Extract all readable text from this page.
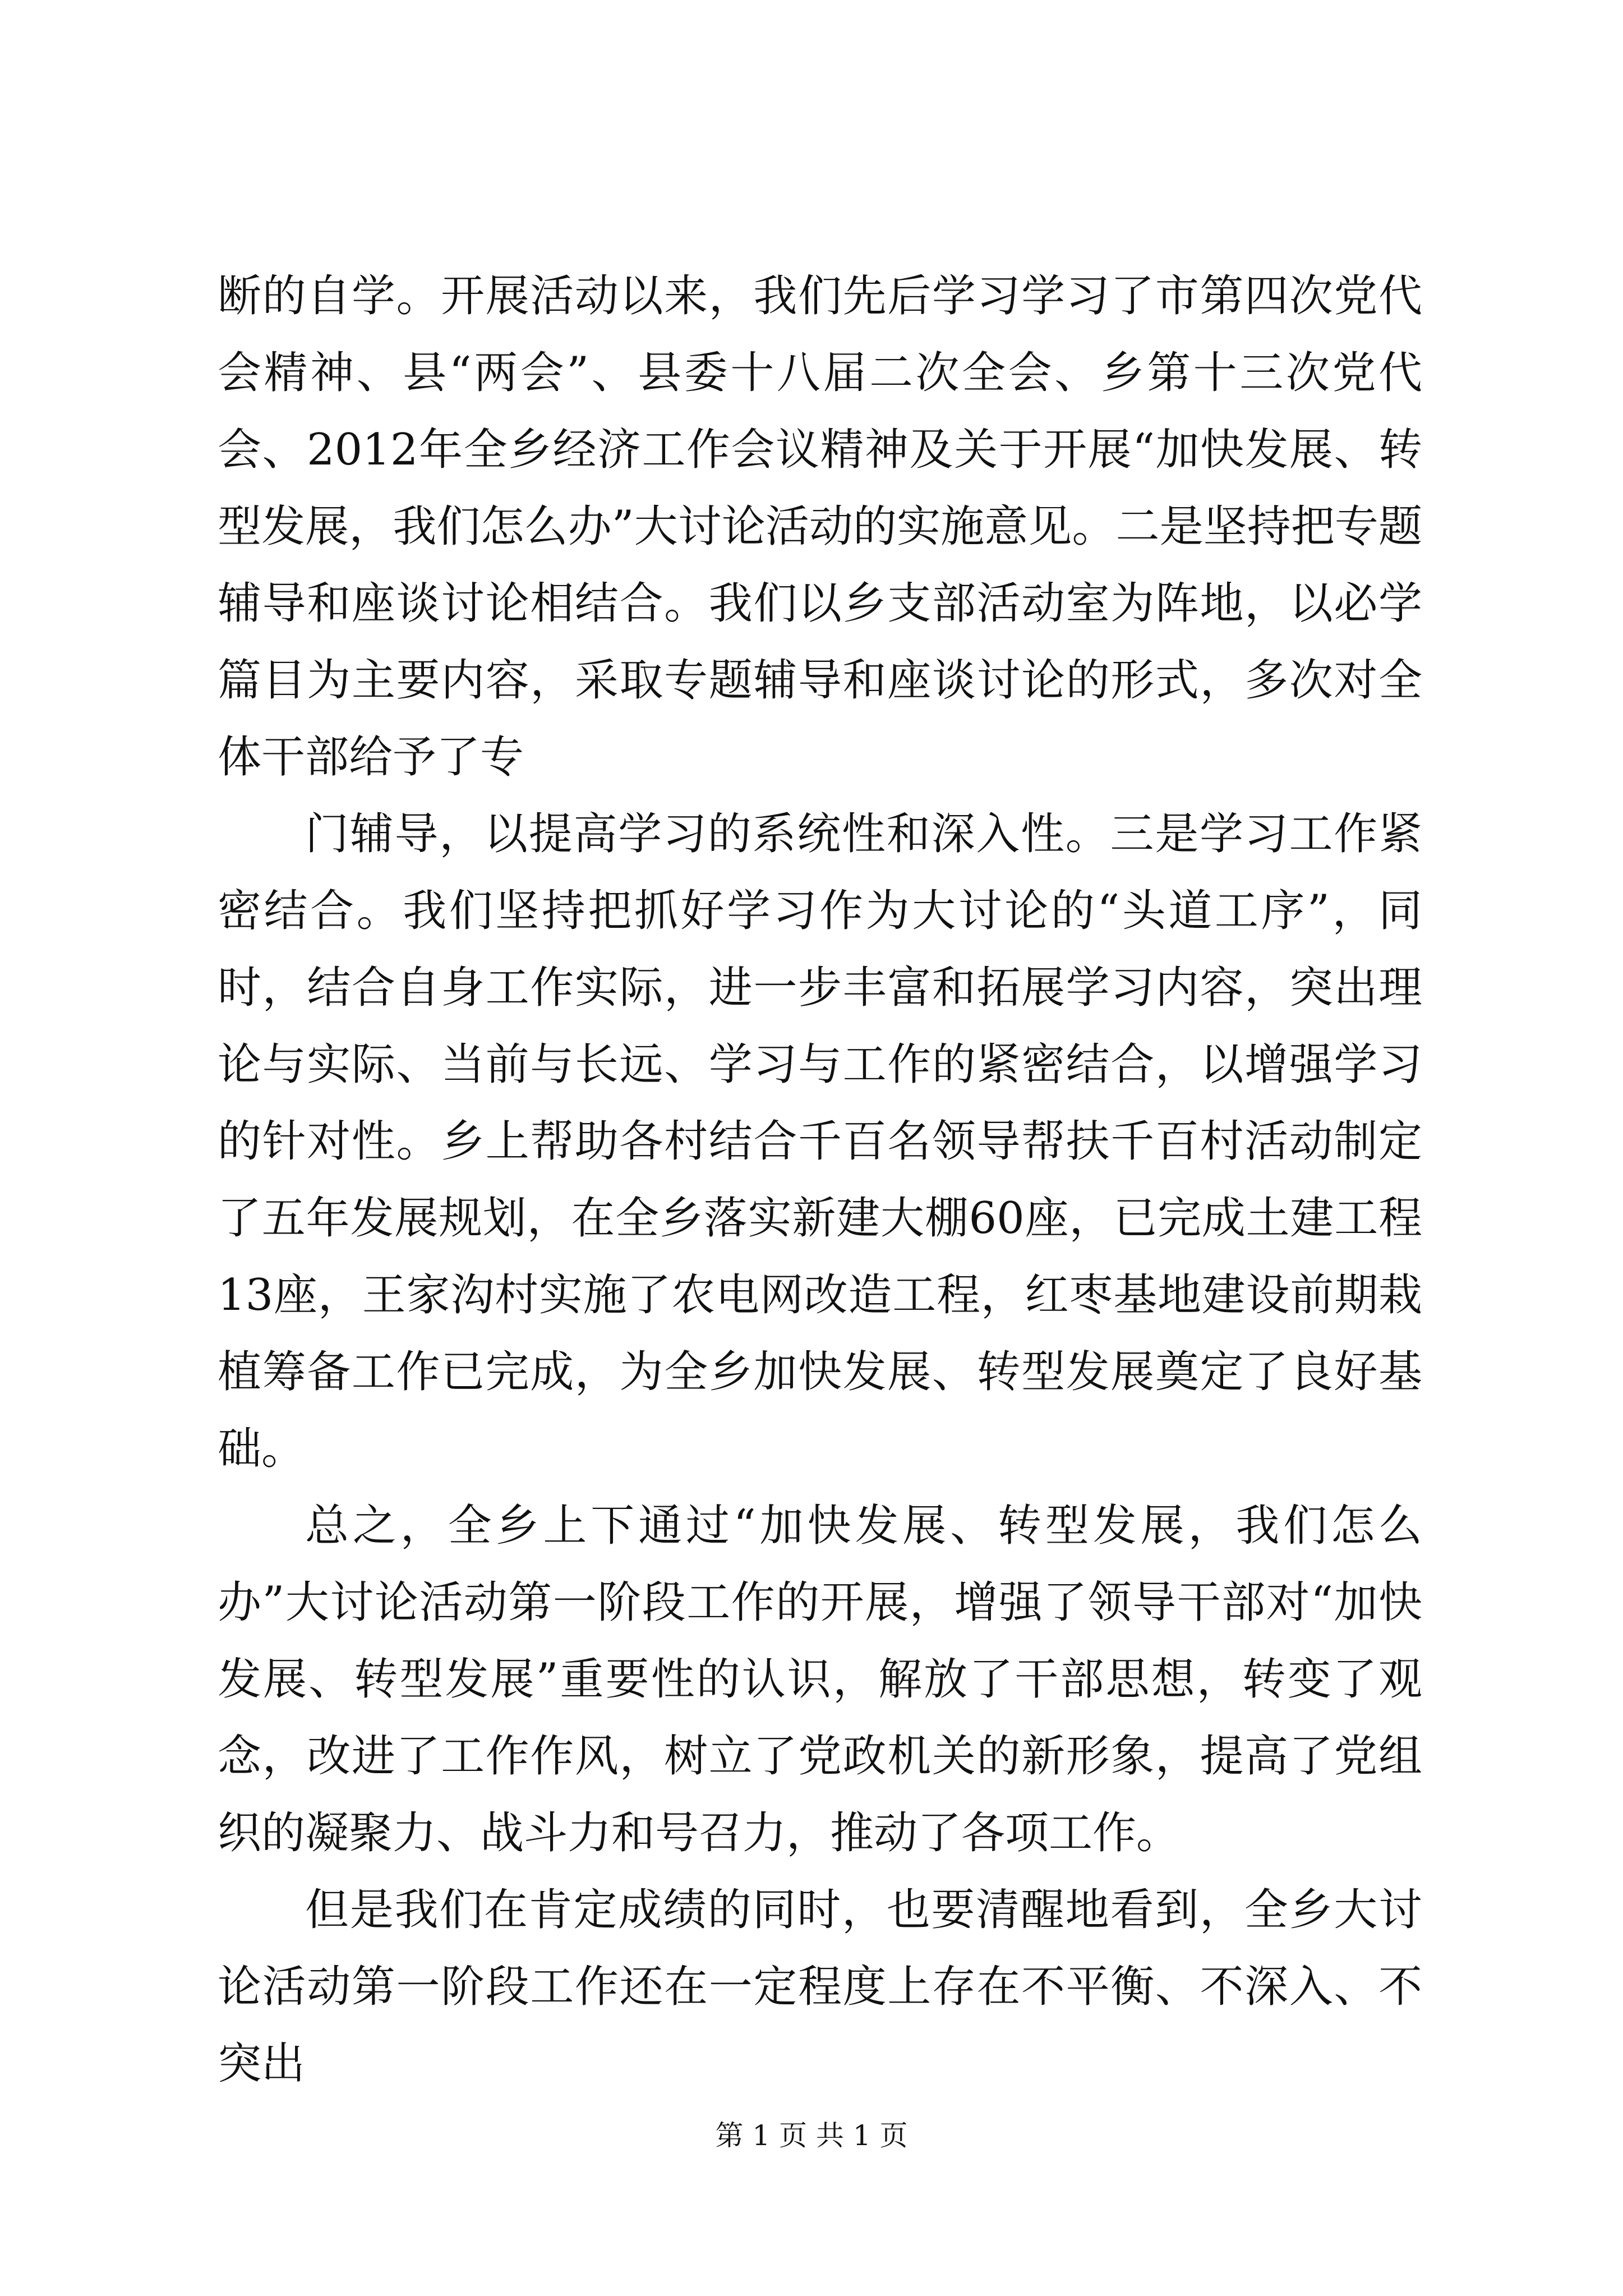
断的自学。开展活动以来，我们先后学习学习了市第四次党代会精神、县“两会”、县委十八届二次全会、乡第十三次党代会、2012年全乡经济工作会议精神及关于开展“加快发展、转型发展，我们怎么办”大讨论活动的实施意见。二是坚持把专题辅导和座谈讨论相结合。我们以乡支部活动室为阵地，以必学篇目为主要内容，采取专题辅导和座谈讨论的形式，多次对全体干部给予了专

门辅导，以提高学习的系统性和深入性。三是学习工作紧密结合。我们坚持把抓好学习作为大讨论的“头道工序”，同时，结合自身工作实际，进一步丰富和拓展学习内容，突出理论与实际、当前与长远、学习与工作的紧密结合，以增强学习的针对性。乡上帮助各村结合千百名领导帮扶千百村活动制定了五年发展规划，在全乡落实新建大棚60座，已完成土建工程13座，王家沟村实施了农电网改造工程，红枣基地建设前期栽植筹备工作已完成，为全乡加快发展、转型发展奠定了良好基础。

总之，全乡上下通过“加快发展、转型发展，我们怎么办”大讨论活动第一阶段工作的开展，增强了领导干部对“加快发展、转型发展”重要性的认识，解放了干部思想，转变了观念，改进了工作作风，树立了党政机关的新形象，提高了党组织的凝聚力、战斗力和号召力，推动了各项工作。

但是我们在肯定成绩的同时，也要清醒地看到，全乡大讨论活动第一阶段工作还在一定程度上存在不平衡、不深入、不突出

第 1 页 共 1 页
